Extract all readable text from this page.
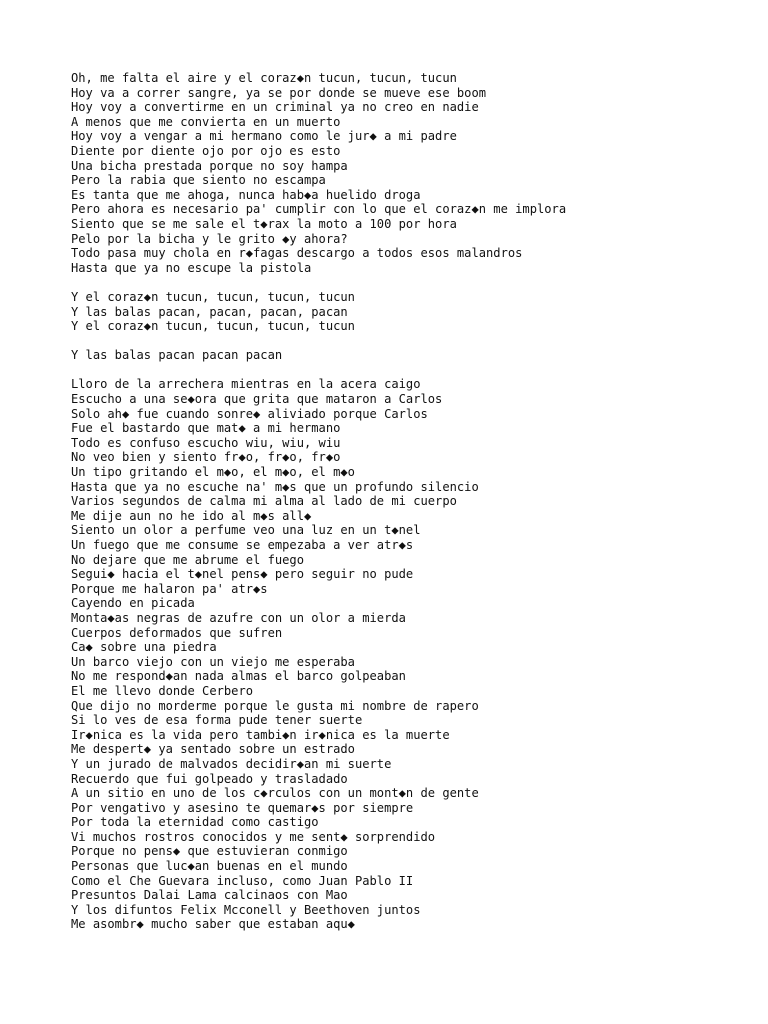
Oh, me falta el aire y el coraz◆n tucun, tucun, tucun
Hoy va a correr sangre, ya se por donde se mueve ese boom
Hoy voy a convertirme en un criminal ya no creo en nadie
A menos que me convierta en un muerto
Hoy voy a vengar a mi hermano como le jur◆ a mi padre
Diente por diente ojo por ojo es esto
Una bicha prestada porque no soy hampa
Pero la rabia que siento no escampa
Es tanta que me ahoga, nunca hab◆a huelido droga
Pero ahora es necesario pa' cumplir con lo que el coraz◆n me implora
Siento que se me sale el t◆rax la moto a 100 por hora
Pelo por la bicha y le grito ◆y ahora?
Todo pasa muy chola en r◆fagas descargo a todos esos malandros
Hasta que ya no escupe la pistola
Y el coraz◆n tucun, tucun, tucun, tucun
Y las balas pacan, pacan, pacan, pacan
Y el coraz◆n tucun, tucun, tucun, tucun
Y las balas pacan pacan pacan
Lloro de la arrechera mientras en la acera caigo
Escucho a una se◆ora que grita que mataron a Carlos
Solo ah◆ fue cuando sonre◆ aliviado porque Carlos
Fue el bastardo que mat◆ a mi hermano
Todo es confuso escucho wiu, wiu, wiu
No veo bien y siento fr◆o, fr◆o, fr◆o
Un tipo gritando el m◆o, el m◆o, el m◆o
Hasta que ya no escuche na' m◆s que un profundo silencio
Varios segundos de calma mi alma al lado de mi cuerpo
Me dije aun no he ido al m◆s all◆
Siento un olor a perfume veo una luz en un t◆nel
Un fuego que me consume se empezaba a ver atr◆s
No dejare que me abrume el fuego
Segui◆ hacia el t◆nel pens◆ pero seguir no pude
Porque me halaron pa' atr◆s
Cayendo en picada
Monta◆as negras de azufre con un olor a mierda
Cuerpos deformados que sufren
Ca◆ sobre una piedra
Un barco viejo con un viejo me esperaba
No me respond◆an nada almas el barco golpeaban
El me llevo donde Cerbero
Que dijo no morderme porque le gusta mi nombre de rapero
Si lo ves de esa forma pude tener suerte
Ir◆nica es la vida pero tambi◆n ir◆nica es la muerte
Me despert◆ ya sentado sobre un estrado
Y un jurado de malvados decidir◆an mi suerte
Recuerdo que fui golpeado y trasladado
A un sitio en uno de los c◆rculos con un mont◆n de gente
Por vengativo y asesino te quemar◆s por siempre
Por toda la eternidad como castigo
Vi muchos rostros conocidos y me sent◆ sorprendido
Porque no pens◆ que estuvieran conmigo
Personas que luc◆an buenas en el mundo
Como el Che Guevara incluso, como Juan Pablo II
Presuntos Dalai Lama calcinaos con Mao
Y los difuntos Felix Mcconell y Beethoven juntos
Me asombr◆ mucho saber que estaban aqu◆
